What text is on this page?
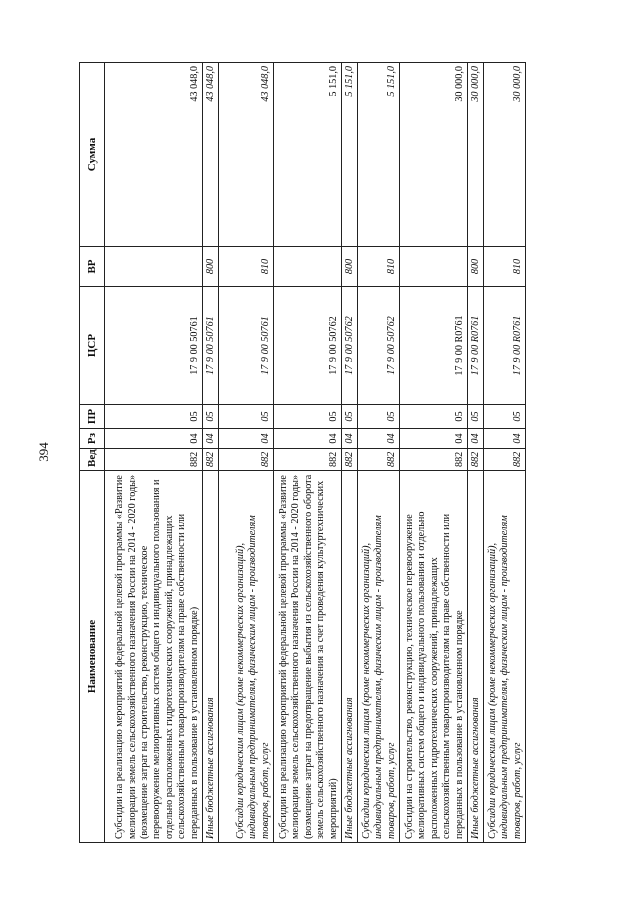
394
Наименование	Вед	Рз	ПР	ЦСР	ВР	Сумма
Субсидии на реализацию мероприятий федеральной целевой программы «Развитие мелиорации земель сельскохозяйственного назначения России на 2014 - 2020 годы» (возмещение затрат на строительство, реконструкцию, техническое перевооружение мелиоративных систем общего и индивидуального пользования и отдельно расположенных гидротехнических сооружений, принадлежащих сельскохозяйственным товаропроизводителям на праве собственности или переданных в пользование в установленном порядке)	882	04	05	17 9 00 50761		43 048,0
Иные бюджетные ассигнования	882	04	05	17 9 00 50761	800	43 048,0
Субсидии юридическим лицам (кроме некоммерческих организаций), индивидуальным предпринимателям, физическим лицам - производителям товаров, работ, услуг	882	04	05	17 9 00 50761	810	43 048,0
Субсидии на реализацию мероприятий федеральной целевой программы «Развитие мелиорации земель сельскохозяйственного назначения России на 2014 - 2020 годы» (возмещение затрат на предотвращение выбытия из сельскохозяйственного оборота земель сельскохозяйственного назначения за счет проведения культуртехнических мероприятий)	882	04	05	17 9 00 50762		5 151,0
Иные бюджетные ассигнования	882	04	05	17 9 00 50762	800	5 151,0
Субсидии юридическим лицам (кроме некоммерческих организаций), индивидуальным предпринимателям, физическим лицам - производителям товаров, работ, услуг	882	04	05	17 9 00 50762	810	5 151,0
Субсидии на строительство, реконструкцию, техническое перевооружение мелиоративных систем общего и индивидуального пользования и отдельно расположенных гидротехнических сооружений, принадлежащих сельскохозяйственным товаропроизводителям на праве собственности или переданных в пользование в установленном порядке	882	04	05	17 9 00 R0761		30 000,0
Иные бюджетные ассигнования	882	04	05	17 9 00 R0761	800	30 000,0
Субсидии юридическим лицам (кроме некоммерческих организаций), индивидуальным предпринимателям, физическим лицам - производителям товаров, работ, услуг	882	04	05	17 9 00 R0761	810	30 000,0
